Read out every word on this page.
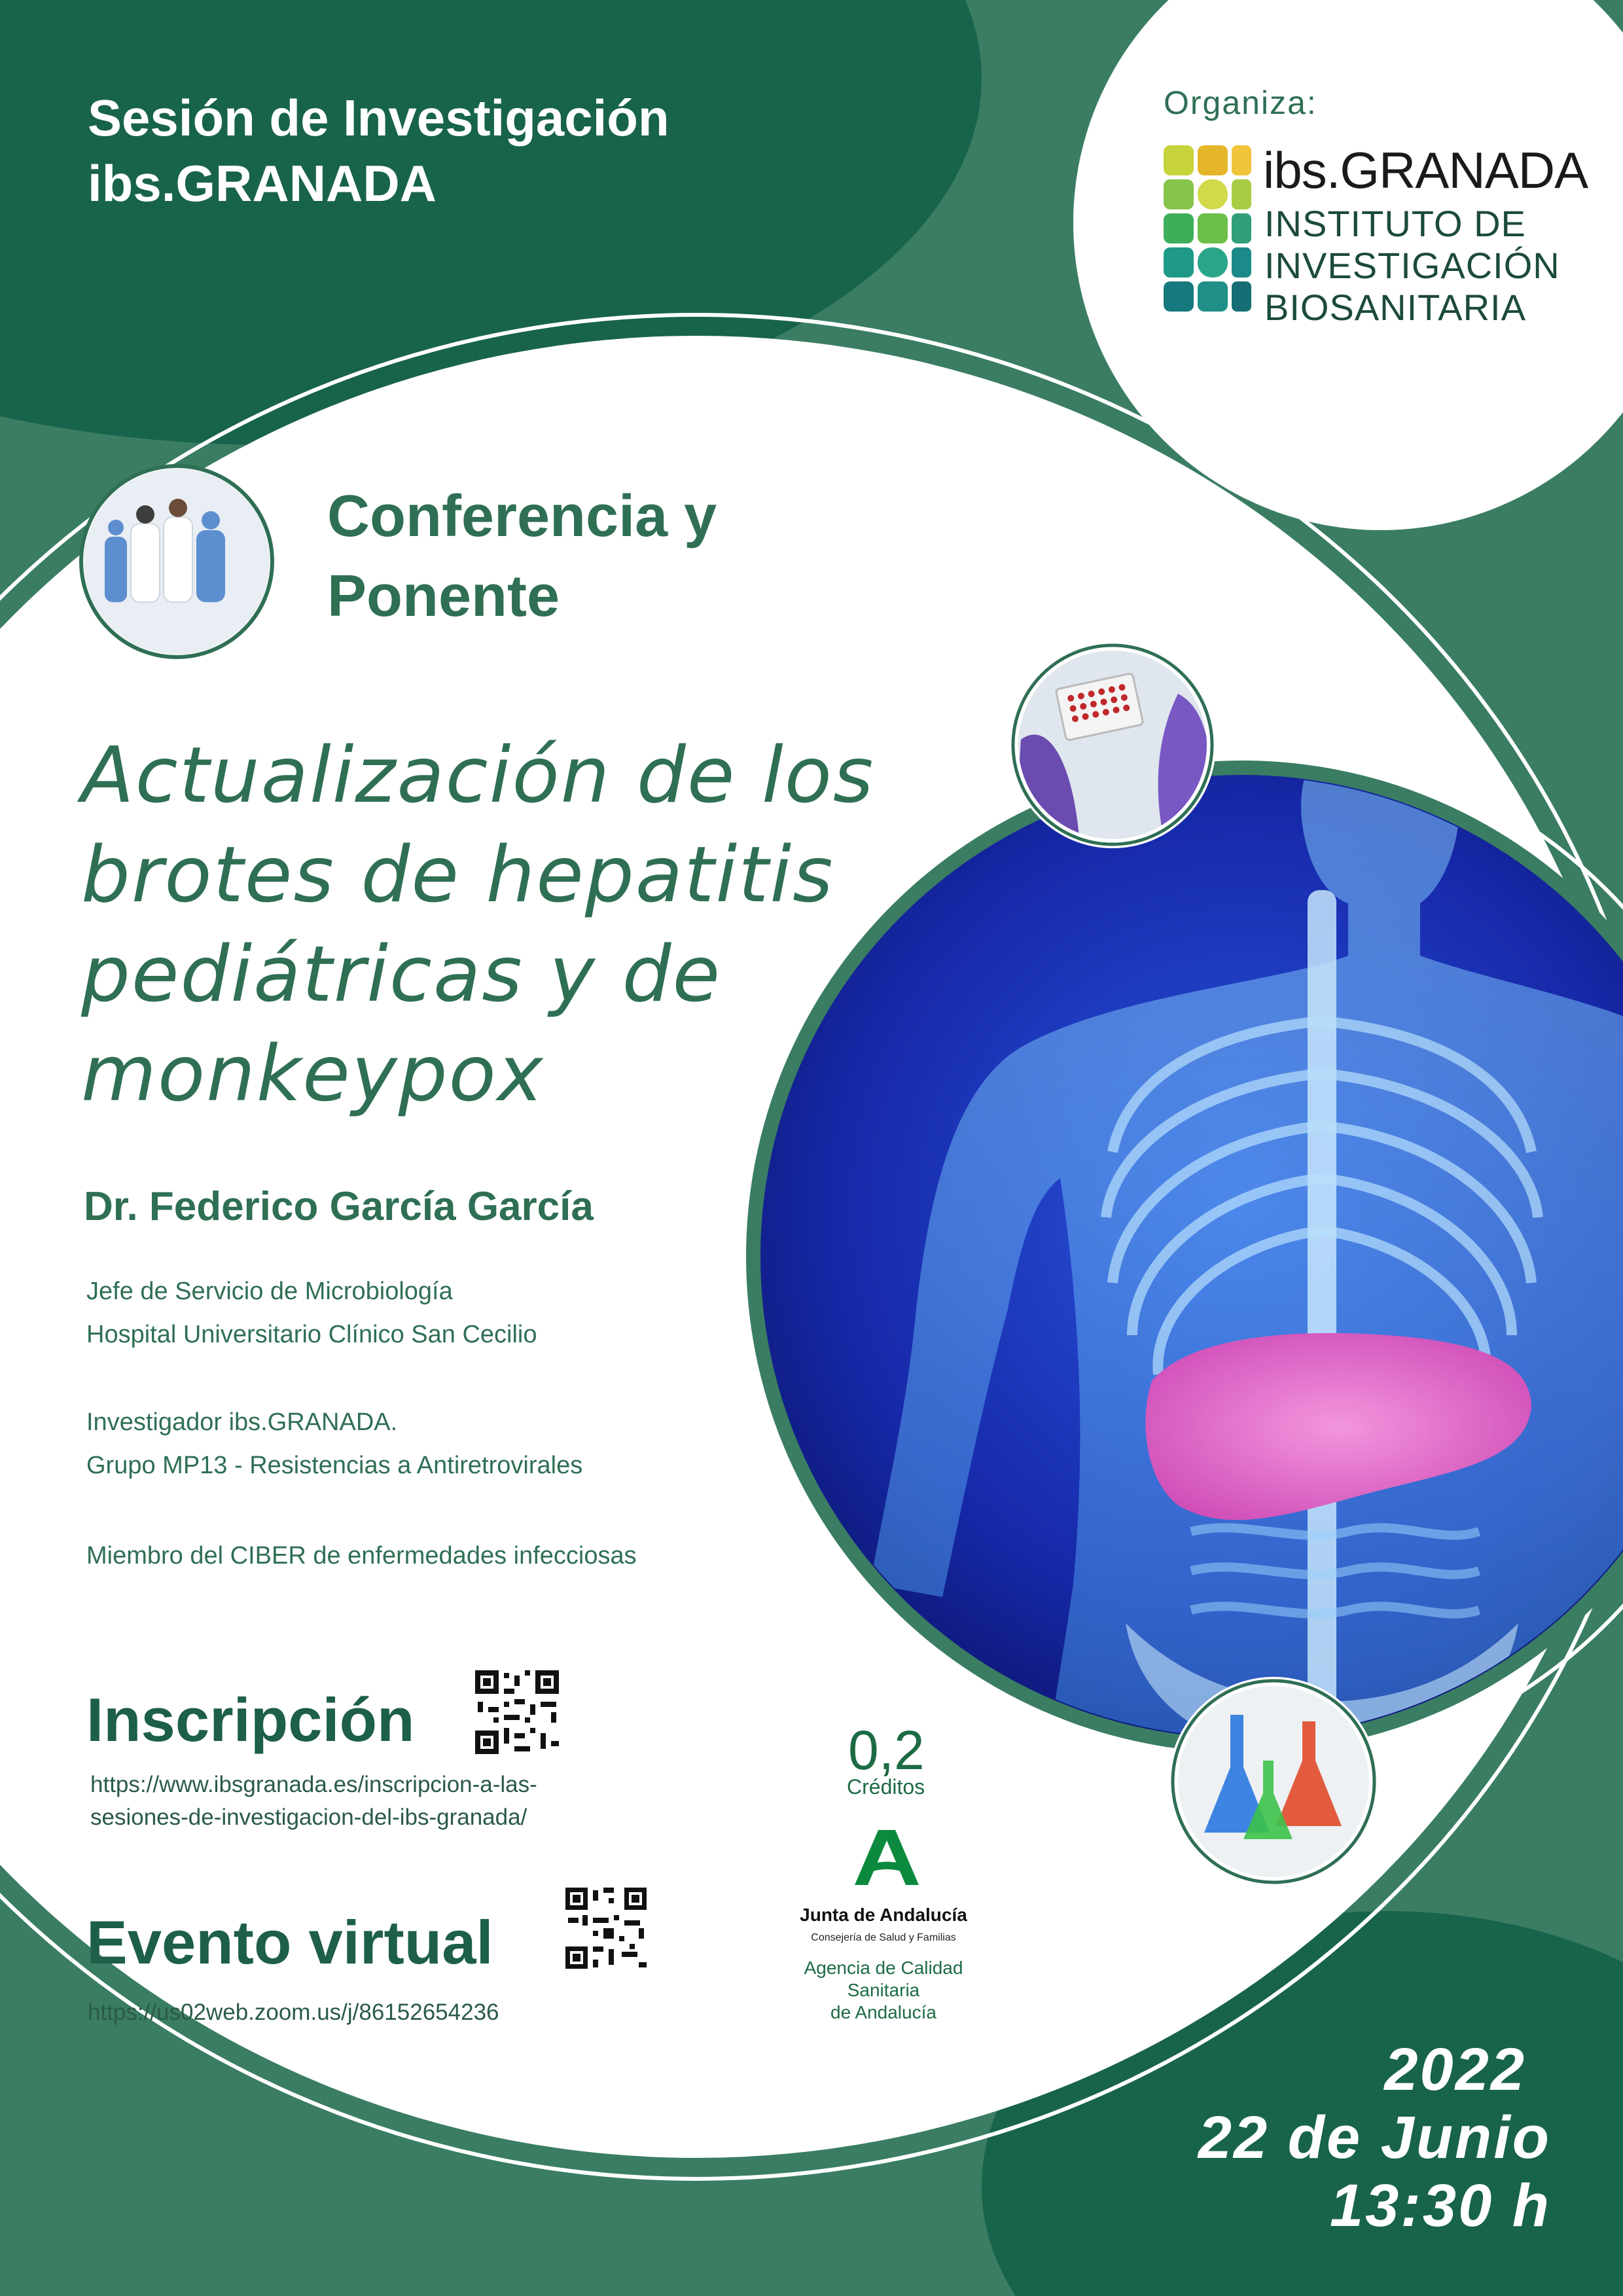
Sesión de Investigación
ibs.GRANADA
Organiza:
ibs.GRANADA
INSTITUTO DE
INVESTIGACIÓN
BIOSANITARIA
Conferencia y
Ponente
Actualización de los
brotes de hepatitis
pediátricas y de
monkeypox
Dr. Federico García García
Jefe de Servicio de Microbiología
Hospital Universitario Clínico San Cecilio
Investigador ibs.GRANADA.
Grupo MP13 - Resistencias a Antiretrovirales
Miembro del CIBER de enfermedades infecciosas
Inscripción
https://www.ibsgranada.es/inscripcion-a-las-
sesiones-de-investigacion-del-ibs-granada/
Evento virtual
https://us02web.zoom.us/j/86152654236
0,2
Créditos
Junta de Andalucía
Consejería de Salud y Familias
Agencia de Calidad Sanitaria
de Andalucía
2022
22 de Junio
13:30 h
